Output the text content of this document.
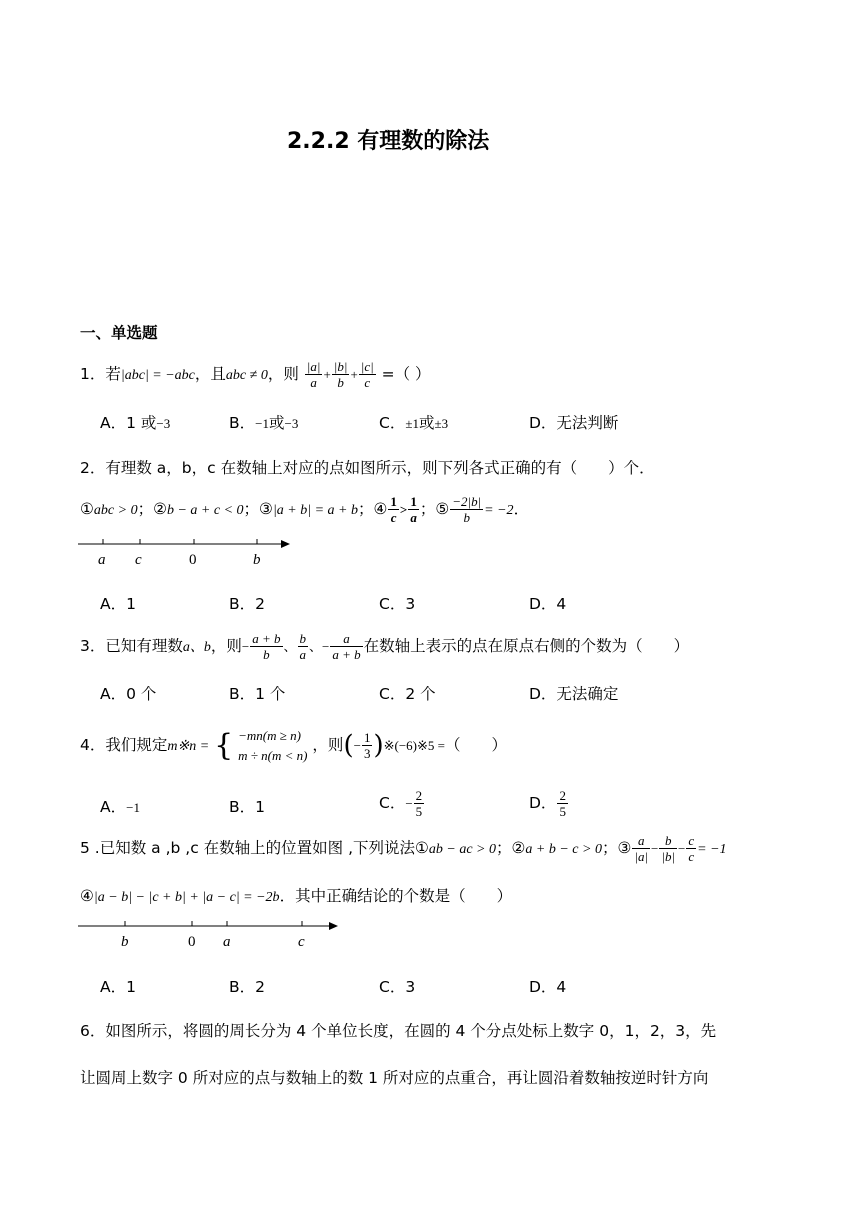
2.2.2 有理数的除法
一、单选题
1．若|abc| = −abc，且abc ≠ 0，则 $\frac{|a|}{a} + \frac{|b|}{b} + \frac{|c|}{c}$ =（ ）
A．1 或−3	B．−1或−3	C．±1或±3	D．无法判断
2．有理数 a，b，c 在数轴上对应的点如图所示，则下列各式正确的有（　　）个．
①abc > 0；②b − a + c < 0；③|a + b| = a + b；④ $\frac{1}{c} > \frac{1}{a}$ ；⑤ $\frac{-2|b|}{b} = -2$．
a c	0	b
A．1	B．2	C．3	D．4
3．已知有理数a、b，则− $\frac{a + b}{b}$ 、 $\frac{b}{a}$ 、− $\frac{a}{a + b}$ 在数轴上表示的点在原点右侧的个数为（　　）
A．0 个	B．1 个	C．2 个	D．无法确定
4．我们规定m※n = { −mn(m ≥ n)
m ÷ n(m < n)
，则(− $\frac{1}{3}$ )※(−6)※5 =（　　）
A．−1	B．1	C．− $\frac{2}{5}$	D． $\frac{2}{5}$
5 .已知数 a ,b ,c 在数轴上的位置如图 ,下列说法①ab − ac > 0；②a + b − c > 0；③ $\frac{a}{|a|} - \frac{b}{|b|} - \frac{c}{c} = -1$
④|a − b| − |c + b| + |a − c| = −2b．其中正确结论的个数是（　　）
b	0 a	c
A．1	B．2	C．3	D．4
6．如图所示，将圆的周长分为 4 个单位长度，在圆的 4 个分点处标上数字 0，1，2，3，先
让圆周上数字 0 所对应的点与数轴上的数 1 所对应的点重合，再让圆沿着数轴按逆时针方向
